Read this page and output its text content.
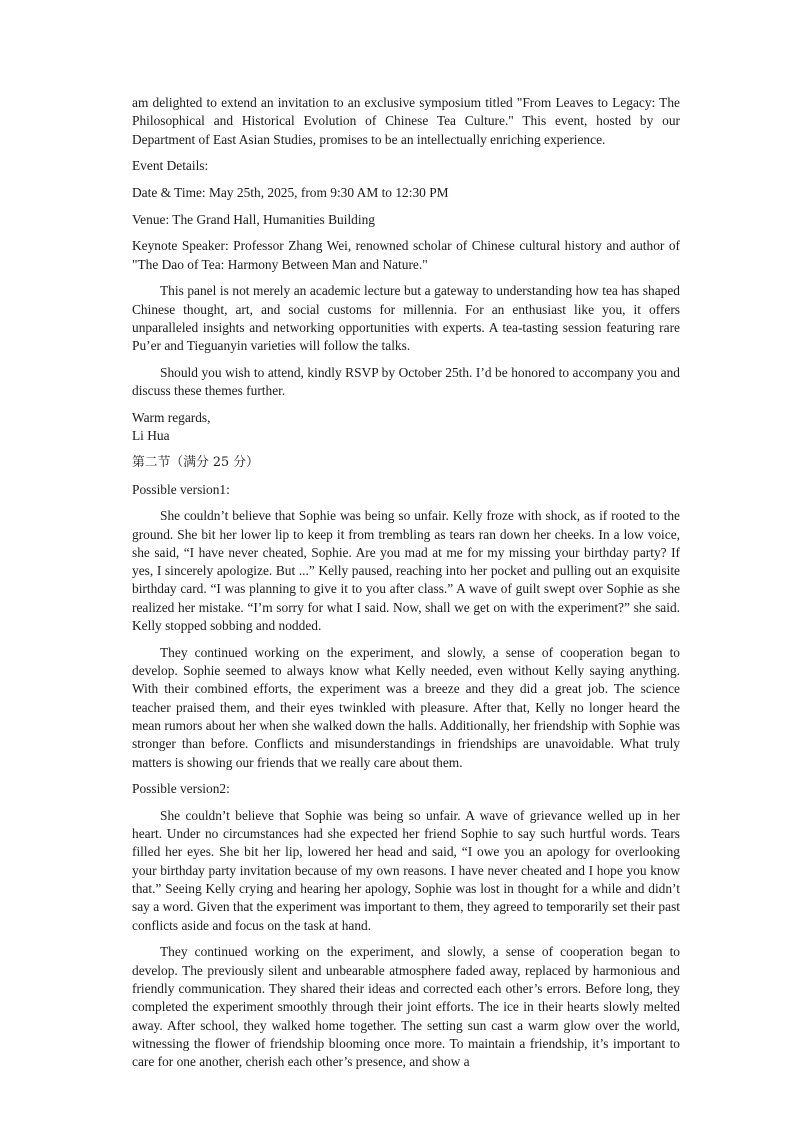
am delighted to extend an invitation to an exclusive symposium titled "From Leaves to Legacy: The Philosophical and Historical Evolution of Chinese Tea Culture." This event, hosted by our Department of East Asian Studies, promises to be an intellectually enriching experience.

Event Details:

Date & Time: May 25th, 2025, from 9:30 AM to 12:30 PM

Venue: The Grand Hall, Humanities Building

Keynote Speaker: Professor Zhang Wei, renowned scholar of Chinese cultural history and author of "The Dao of Tea: Harmony Between Man and Nature."

This panel is not merely an academic lecture but a gateway to understanding how tea has shaped Chinese thought, art, and social customs for millennia. For an enthusiast like you, it offers unparalleled insights and networking opportunities with experts. A tea-tasting session featuring rare Pu’er and Tieguanyin varieties will follow the talks.

Should you wish to attend, kindly RSVP by October 25th. I’d be honored to accompany you and discuss these themes further.

Warm regards,
Li Hua

第二节（满分 25 分）

Possible version1:

She couldn’t believe that Sophie was being so unfair. Kelly froze with shock, as if rooted to the ground. She bit her lower lip to keep it from trembling as tears ran down her cheeks. In a low voice, she said, “I have never cheated, Sophie. Are you mad at me for my missing your birthday party? If yes, I sincerely apologize. But ...” Kelly paused, reaching into her pocket and pulling out an exquisite birthday card. “I was planning to give it to you after class.” A wave of guilt swept over Sophie as she realized her mistake. “I’m sorry for what I said. Now, shall we get on with the experiment?” she said. Kelly stopped sobbing and nodded.

They continued working on the experiment, and slowly, a sense of cooperation began to develop. Sophie seemed to always know what Kelly needed, even without Kelly saying anything. With their combined efforts, the experiment was a breeze and they did a great job. The science teacher praised them, and their eyes twinkled with pleasure. After that, Kelly no longer heard the mean rumors about her when she walked down the halls. Additionally, her friendship with Sophie was stronger than before. Conflicts and misunderstandings in friendships are unavoidable. What truly matters is showing our friends that we really care about them.

Possible version2:

She couldn’t believe that Sophie was being so unfair. A wave of grievance welled up in her heart. Under no circumstances had she expected her friend Sophie to say such hurtful words. Tears filled her eyes. She bit her lip, lowered her head and said, “I owe you an apology for overlooking your birthday party invitation because of my own reasons. I have never cheated and I hope you know that.” Seeing Kelly crying and hearing her apology, Sophie was lost in thought for a while and didn’t say a word. Given that the experiment was important to them, they agreed to temporarily set their past conflicts aside and focus on the task at hand.

They continued working on the experiment, and slowly, a sense of cooperation began to develop. The previously silent and unbearable atmosphere faded away, replaced by harmonious and friendly communication. They shared their ideas and corrected each other’s errors. Before long, they completed the experiment smoothly through their joint efforts. The ice in their hearts slowly melted away. After school, they walked home together. The setting sun cast a warm glow over the world, witnessing the flower of friendship blooming once more. To maintain a friendship, it’s important to care for one another, cherish each other’s presence, and show a
